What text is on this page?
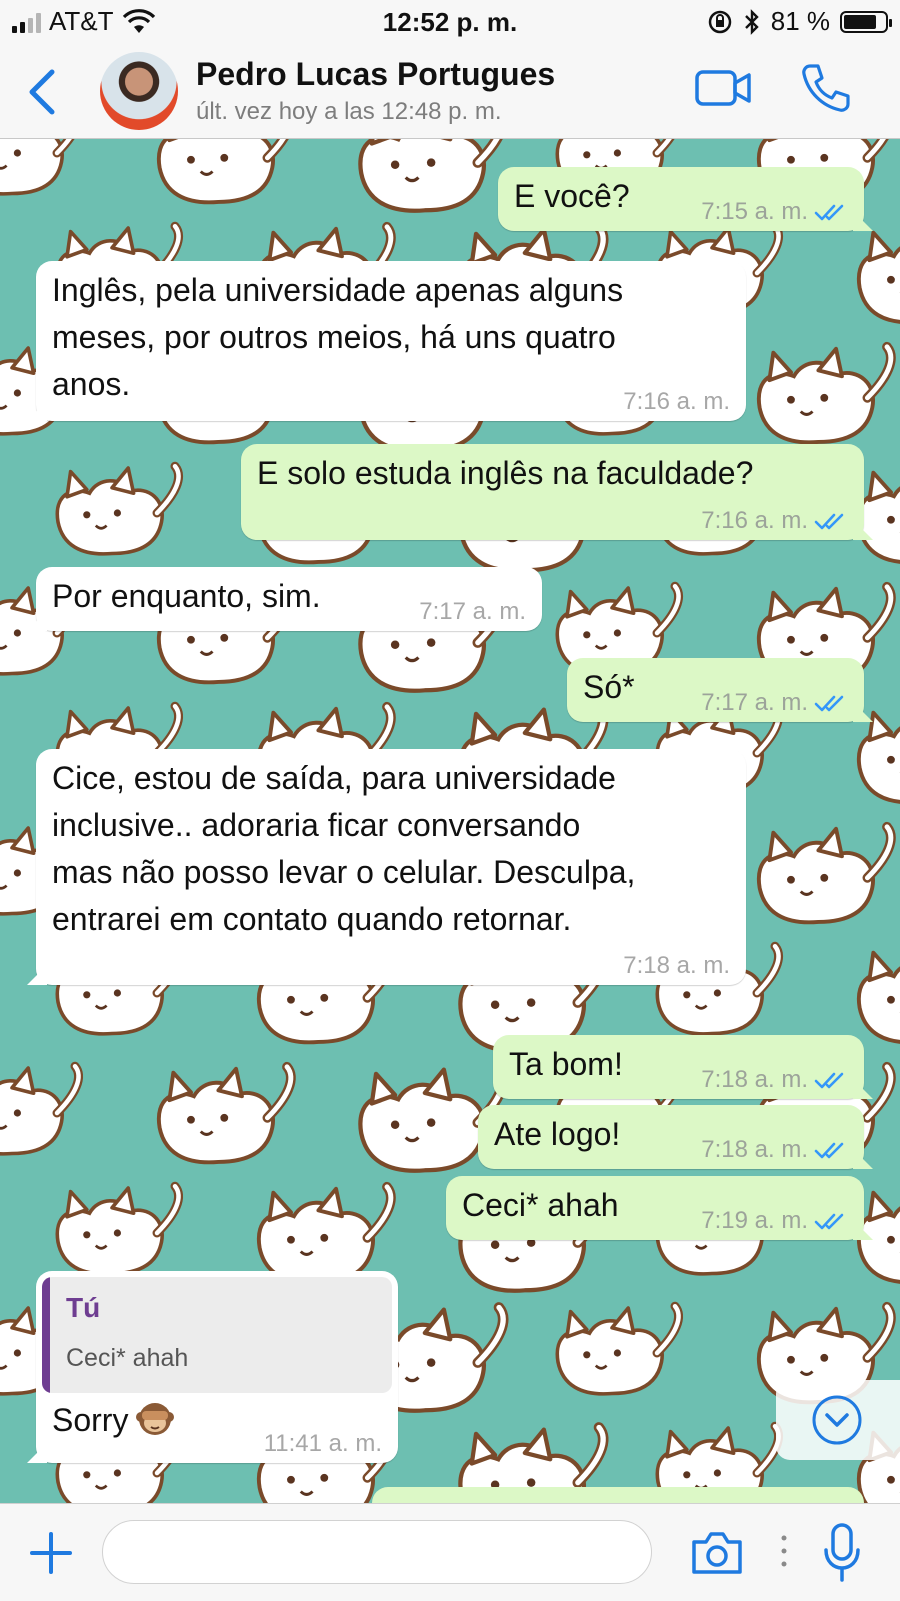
AT&T	12:52 p. m.	81 %
Pedro Lucas Portugues
últ. vez hoy a las 12:48 p. m.
E você?	7:15 a. m.
Inglês, pela universidade apenas alguns
meses, por outros meios, há uns quatro
anos.	7:16 a. m.
E solo estuda inglês na faculdade?
7:16 a. m.
Por enquanto, sim.	7:17 a. m.
Só*	7:17 a. m.
Cice, estou de saída, para universidade
inclusive.. adoraria ficar conversando
mas não posso levar o celular. Desculpa,
entrarei em contato quando retornar.
7:18 a. m.
Ta bom!	7:18 a. m.
Ate logo!	7:18 a. m.
Ceci* ahah	7:19 a. m.
Tú
Ceci* ahah
Sorry
11:41 a. m.
